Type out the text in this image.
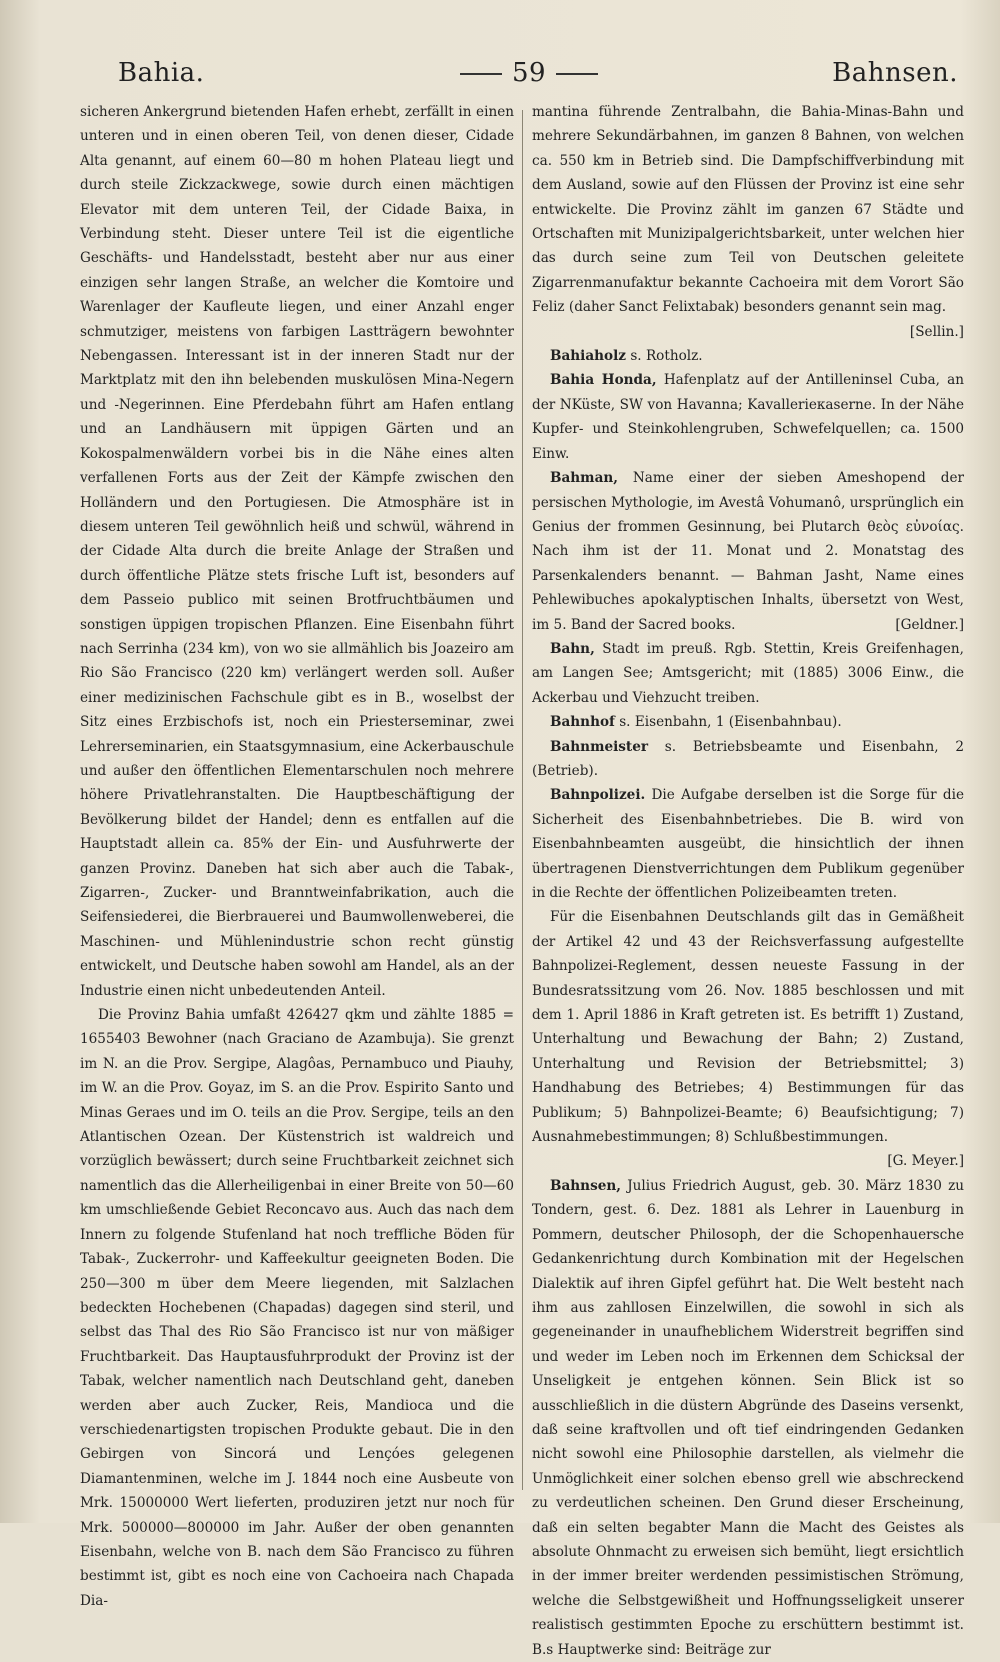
Bahia.	59	Bahnsen.

sicheren Ankergrund bietenden Hafen erhebt, zerfällt in einen unteren und in einen oberen Teil, von denen dieser, Cidade Alta genannt, auf einem 60—80 m hohen Plateau liegt und durch steile Zickzackwege, sowie durch einen mächtigen Elevator mit dem unteren Teil, der Cidade Baixa, in Verbindung steht. Dieser untere Teil ist die eigentliche Geschäfts- und Handelsstadt, besteht aber nur aus einer einzigen sehr langen Straße, an welcher die Komtoire und Warenlager der Kaufleute liegen, und einer Anzahl enger schmutziger, meistens von farbigen Lastträgern bewohnter Nebengassen. Interessant ist in der inneren Stadt nur der Marktplatz mit den ihn belebenden muskulösen Mina-Negern und -Negerinnen. Eine Pferdebahn führt am Hafen entlang und an Landhäusern mit üppigen Gärten und an Kokospalmenwäldern vorbei bis in die Nähe eines alten verfallenen Forts aus der Zeit der Kämpfe zwischen den Holländern und den Portugiesen. Die Atmosphäre ist in diesem unteren Teil gewöhnlich heiß und schwül, während in der Cidade Alta durch die breite Anlage der Straßen und durch öffentliche Plätze stets frische Luft ist, besonders auf dem Passeio publico mit seinen Brotfruchtbäumen und sonstigen üppigen tropischen Pflanzen. Eine Eisenbahn führt nach Serrinha (234 km), von wo sie allmählich bis Joazeiro am Rio São Francisco (220 km) verlängert werden soll. Außer einer medizinischen Fachschule gibt es in B., woselbst der Sitz eines Erzbischofs ist, noch ein Priesterseminar, zwei Lehrerseminarien, ein Staatsgymnasium, eine Ackerbauschule und außer den öffentlichen Elementarschulen noch mehrere höhere Privatlehranstalten. Die Hauptbeschäftigung der Bevölkerung bildet der Handel; denn es entfallen auf die Hauptstadt allein ca. 85% der Ein- und Ausfuhrwerte der ganzen Provinz. Daneben hat sich aber auch die Tabak-, Zigarren-, Zucker- und Branntweinfabrikation, auch die Seifensiederei, die Bierbrauerei und Baumwollenweberei, die Maschinen- und Mühlenindustrie schon recht günstig entwickelt, und Deutsche haben sowohl am Handel, als an der Industrie einen nicht unbedeutenden Anteil.

Die Provinz Bahia umfaßt 426427 qkm und zählte 1885 = 1655403 Bewohner (nach Graciano de Azambuja). Sie grenzt im N. an die Prov. Sergipe, Alagôas, Pernambuco und Piauhy, im W. an die Prov. Goyaz, im S. an die Prov. Espirito Santo und Minas Geraes und im O. teils an die Prov. Sergipe, teils an den Atlantischen Ozean. Der Küstenstrich ist waldreich und vorzüglich bewässert; durch seine Fruchtbarkeit zeichnet sich namentlich das die Allerheiligenbai in einer Breite von 50—60 km umschließende Gebiet Reconcavo aus. Auch das nach dem Innern zu folgende Stufenland hat noch treffliche Böden für Tabak-, Zuckerrohr- und Kaffeekultur geeigneten Boden. Die 250—300 m über dem Meere liegenden, mit Salzlachen bedeckten Hochebenen (Chapadas) dagegen sind steril, und selbst das Thal des Rio São Francisco ist nur von mäßiger Fruchtbarkeit. Das Hauptausfuhrprodukt der Provinz ist der Tabak, welcher namentlich nach Deutschland geht, daneben werden aber auch Zucker, Reis, Mandioca und die verschiedenartigsten tropischen Produkte gebaut. Die in den Gebirgen von Sincorá und Lençóes gelegenen Diamantenminen, welche im J. 1844 noch eine Ausbeute von Mrk. 15000000 Wert lieferten, produziren jetzt nur noch für Mrk. 500000—800000 im Jahr. Außer der oben genannten Eisenbahn, welche von B. nach dem São Francisco zu führen bestimmt ist, gibt es noch eine von Cachoeira nach Chapada Dia-

mantina führende Zentralbahn, die Bahia-Minas-Bahn und mehrere Sekundärbahnen, im ganzen 8 Bahnen, von welchen ca. 550 km in Betrieb sind. Die Dampfschiffverbindung mit dem Ausland, sowie auf den Flüssen der Provinz ist eine sehr entwickelte. Die Provinz zählt im ganzen 67 Städte und Ortschaften mit Munizipalgerichtsbarkeit, unter welchen hier das durch seine zum Teil von Deutschen geleitete Zigarrenmanufaktur bekannte Cachoeira mit dem Vorort São Feliz (daher Sanct Felixtabak) besonders genannt sein mag.
[Sellin.]

Bahiaholz s. Rotholz.

Bahia Honda, Hafenplatz auf der Antilleninsel Cuba, an der NKüste, SW von Havanna; Kavallerieкaserne. In der Nähe Kupfer- und Steinkohlengruben, Schwefelquellen; ca. 1500 Einw.

Bahman, Name einer der sieben Ameshopend der persischen Mythologie, im Avestâ Vohumanô, ursprünglich ein Genius der frommen Gesinnung, bei Plutarch θεὸς εὐνοίας. Nach ihm ist der 11. Monat und 2. Monatstag des Parsenkalenders benannt. — Bahman Jasht, Name eines Pehlewibuches apokalyptischen Inhalts, übersetzt von West, im 5. Band der Sacred books.	[Geldner.]

Bahn, Stadt im preuß. Rgb. Stettin, Kreis Greifenhagen, am Langen See; Amtsgericht; mit (1885) 3006 Einw., die Ackerbau und Viehzucht treiben.

Bahnhof s. Eisenbahn, 1 (Eisenbahnbau).

Bahnmeister s. Betriebsbeamte und Eisenbahn, 2 (Betrieb).

Bahnpolizei. Die Aufgabe derselben ist die Sorge für die Sicherheit des Eisenbahnbetriebes. Die B. wird von Eisenbahnbeamten ausgeübt, die hinsichtlich der ihnen übertragenen Dienstverrichtungen dem Publikum gegenüber in die Rechte der öffentlichen Polizeibeamten treten.

Für die Eisenbahnen Deutschlands gilt das in Gemäßheit der Artikel 42 und 43 der Reichsverfassung aufgestellte Bahnpolizei-Reglement, dessen neueste Fassung in der Bundesratssitzung vom 26. Nov. 1885 beschlossen und mit dem 1. April 1886 in Kraft getreten ist. Es betrifft 1) Zustand, Unterhaltung und Bewachung der Bahn; 2) Zustand, Unterhaltung und Revision der Betriebsmittel; 3) Handhabung des Betriebes; 4) Bestimmungen für das Publikum; 5) Bahnpolizei-Beamte; 6) Beaufsichtigung; 7) Ausnahmebestimmungen; 8) Schlußbestimmungen.
[G. Meyer.]

Bahnsen, Julius Friedrich August, geb. 30. März 1830 zu Tondern, gest. 6. Dez. 1881 als Lehrer in Lauenburg in Pommern, deutscher Philosoph, der die Schopenhauersche Gedankenrichtung durch Kombination mit der Hegelschen Dialektik auf ihren Gipfel geführt hat. Die Welt besteht nach ihm aus zahllosen Einzelwillen, die sowohl in sich als gegeneinander in unaufheblichem Widerstreit begriffen sind und weder im Leben noch im Erkennen dem Schicksal der Unseligkeit je entgehen können. Sein Blick ist so ausschließlich in die düstern Abgründe des Daseins versenkt, daß seine kraftvollen und oft tief eindringenden Gedanken nicht sowohl eine Philosophie darstellen, als vielmehr die Unmöglichkeit einer solchen ebenso grell wie abschreckend zu verdeutlichen scheinen. Den Grund dieser Erscheinung, daß ein selten begabter Mann die Macht des Geistes als absolute Ohnmacht zu erweisen sich bemüht, liegt ersichtlich in der immer breiter werdenden pessimistischen Strömung, welche die Selbstgewißheit und Hoffnungsseligkeit unserer realistisch gestimmten Epoche zu erschüttern bestimmt ist. B.s Hauptwerke sind: Beiträge zur
